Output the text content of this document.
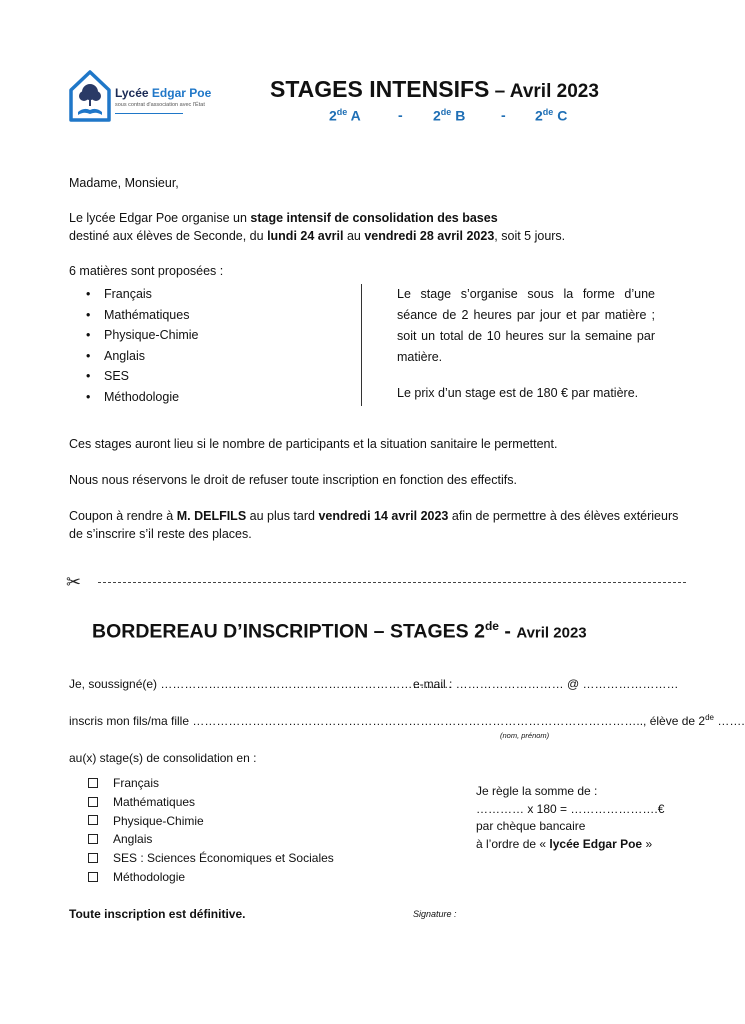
Lycée Edgar Poe
sous contrat d'association avec l'État
STAGES INTENSIFS – Avril 2023
2de A	- 2de B	- 2de C
Madame, Monsieur,
Le lycée Edgar Poe organise un stage intensif de consolidation des bases
destiné aux élèves de Seconde, du lundi 24 avril au vendredi 28 avril 2023, soit 5 jours.
6 matières sont proposées :
• Français
• Mathématiques
• Physique-Chimie
• Anglais
• SES
• Méthodologie

Le stage s’organise sous la forme d’une séance de 2 heures par jour et par matière ; soit un total de 10 heures sur la semaine par matière.

Le prix d’un stage est de 180 € par matière.
Ces stages auront lieu si le nombre de participants et la situation sanitaire le permettent.
Nous nous réservons le droit de refuser toute inscription en fonction des effectifs.
Coupon à rendre à M. DELFILS au plus tard vendredi 14 avril 2023 afin de permettre à des élèves extérieurs
de s’inscrire s’il reste des places.
✂
BORDEREAU D’INSCRIPTION – STAGES 2de - Avril 2023
Je, soussigné(e) ……………………………………………………………….
e-mail : ……………………… @ ……………………
inscris mon fils/ma fille ………………………………………………………………………………………………….., élève de 2de …….
(nom, prénom)
au(x) stage(s) de consolidation en :
Français
Mathématiques
Physique-Chimie
Anglais
SES : Sciences Économiques et Sociales
Méthodologie
Je règle la somme de :
………… x 180 = ………………….€
par chèque bancaire
à l’ordre de « lycée Edgar Poe »
Toute inscription est définitive.	Signature :
